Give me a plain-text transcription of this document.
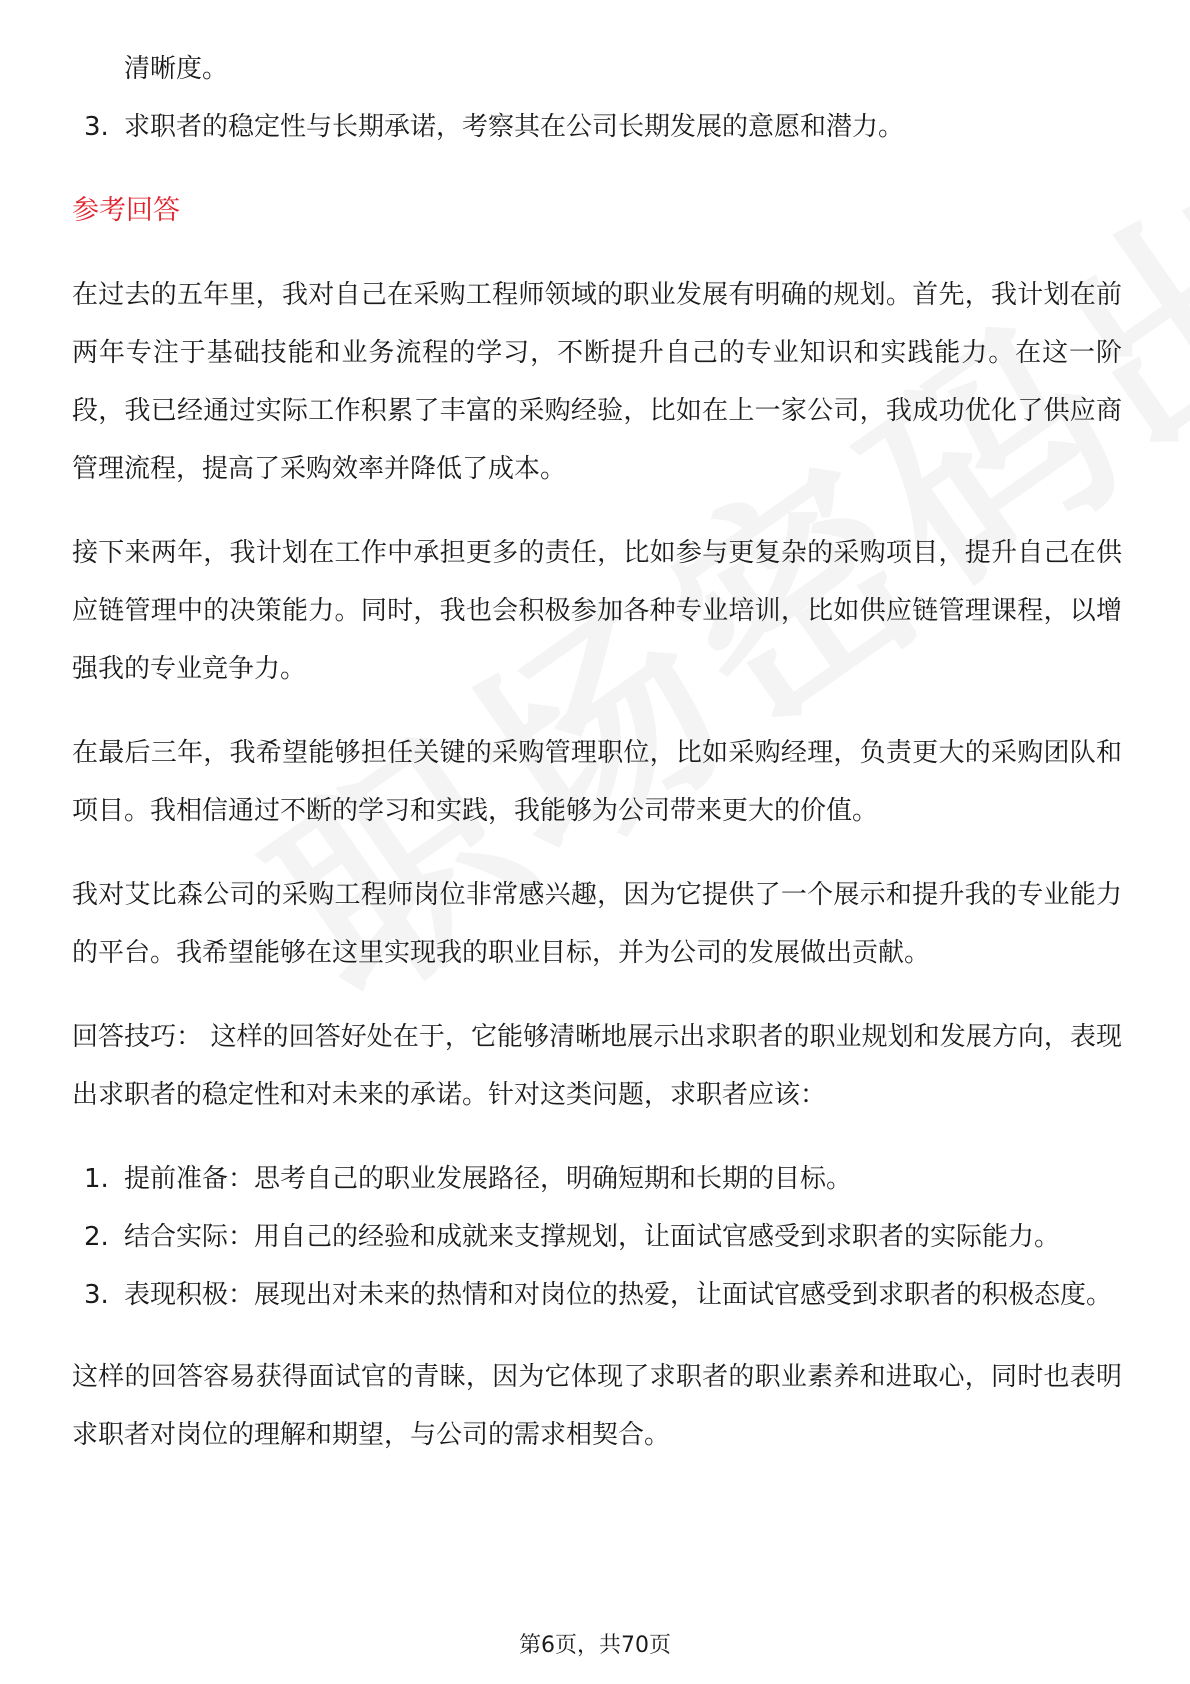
清晰度。

3. 求职者的稳定性与长期承诺，考察其在公司长期发展的意愿和潜力。

参考回答

在过去的五年里，我对自己在采购工程师领域的职业发展有明确的规划。首先，我计划在前两年专注于基础技能和业务流程的学习，不断提升自己的专业知识和实践能力。在这一阶段，我已经通过实际工作积累了丰富的采购经验，比如在上一家公司，我成功优化了供应商管理流程，提高了采购效率并降低了成本。

接下来两年，我计划在工作中承担更多的责任，比如参与更复杂的采购项目，提升自己在供应链管理中的决策能力。同时，我也会积极参加各种专业培训，比如供应链管理课程，以增强我的专业竞争力。

在最后三年，我希望能够担任关键的采购管理职位，比如采购经理，负责更大的采购团队和项目。我相信通过不断的学习和实践，我能够为公司带来更大的价值。

我对艾比森公司的采购工程师岗位非常感兴趣，因为它提供了一个展示和提升我的专业能力的平台。我希望能够在这里实现我的职业目标，并为公司的发展做出贡献。

回答技巧： 这样的回答好处在于，它能够清晰地展示出求职者的职业规划和发展方向，表现出求职者的稳定性和对未来的承诺。针对这类问题，求职者应该：

1. 提前准备：思考自己的职业发展路径，明确短期和长期的目标。
2. 结合实际：用自己的经验和成就来支撑规划，让面试官感受到求职者的实际能力。
3. 表现积极：展现出对未来的热情和对岗位的热爱，让面试官感受到求职者的积极态度。

这样的回答容易获得面试官的青睐，因为它体现了求职者的职业素养和进取心，同时也表明求职者对岗位的理解和期望，与公司的需求相契合。

第6页，共70页
